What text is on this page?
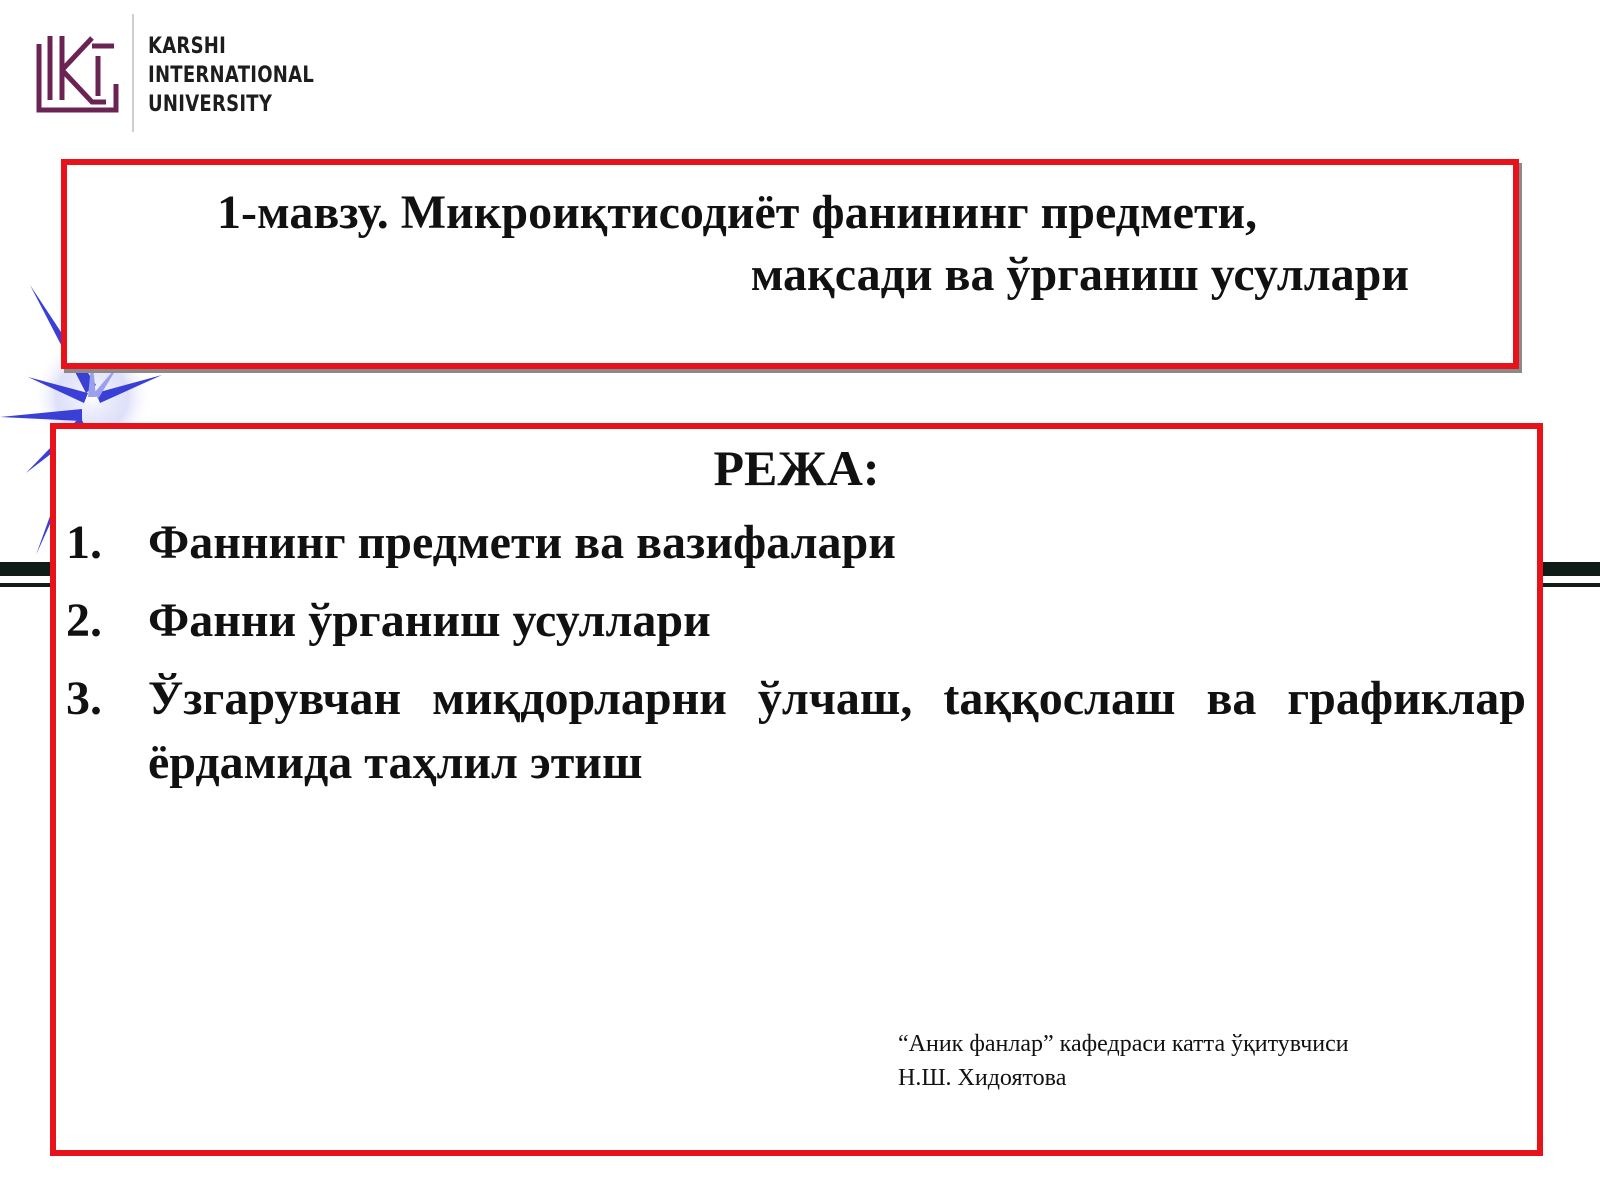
KARSHI
INTERNATIONAL
UNIVERSITY
1-мавзу. Микроиқтисодиёт фанининг предмети,
мақсади ва ўрганиш усуллари
РЕЖА:
1. Фаннинг предмети ва вазифалари
2. Фанни ўрганиш усуллари
3. Ўзгарувчан миқдорларни ўлчаш, taққослаш ва графиклар ёрдамида таҳлил этиш
“Аник фанлар” кафедраси катта ўқитувчиси
Н.Ш. Хидоятова
